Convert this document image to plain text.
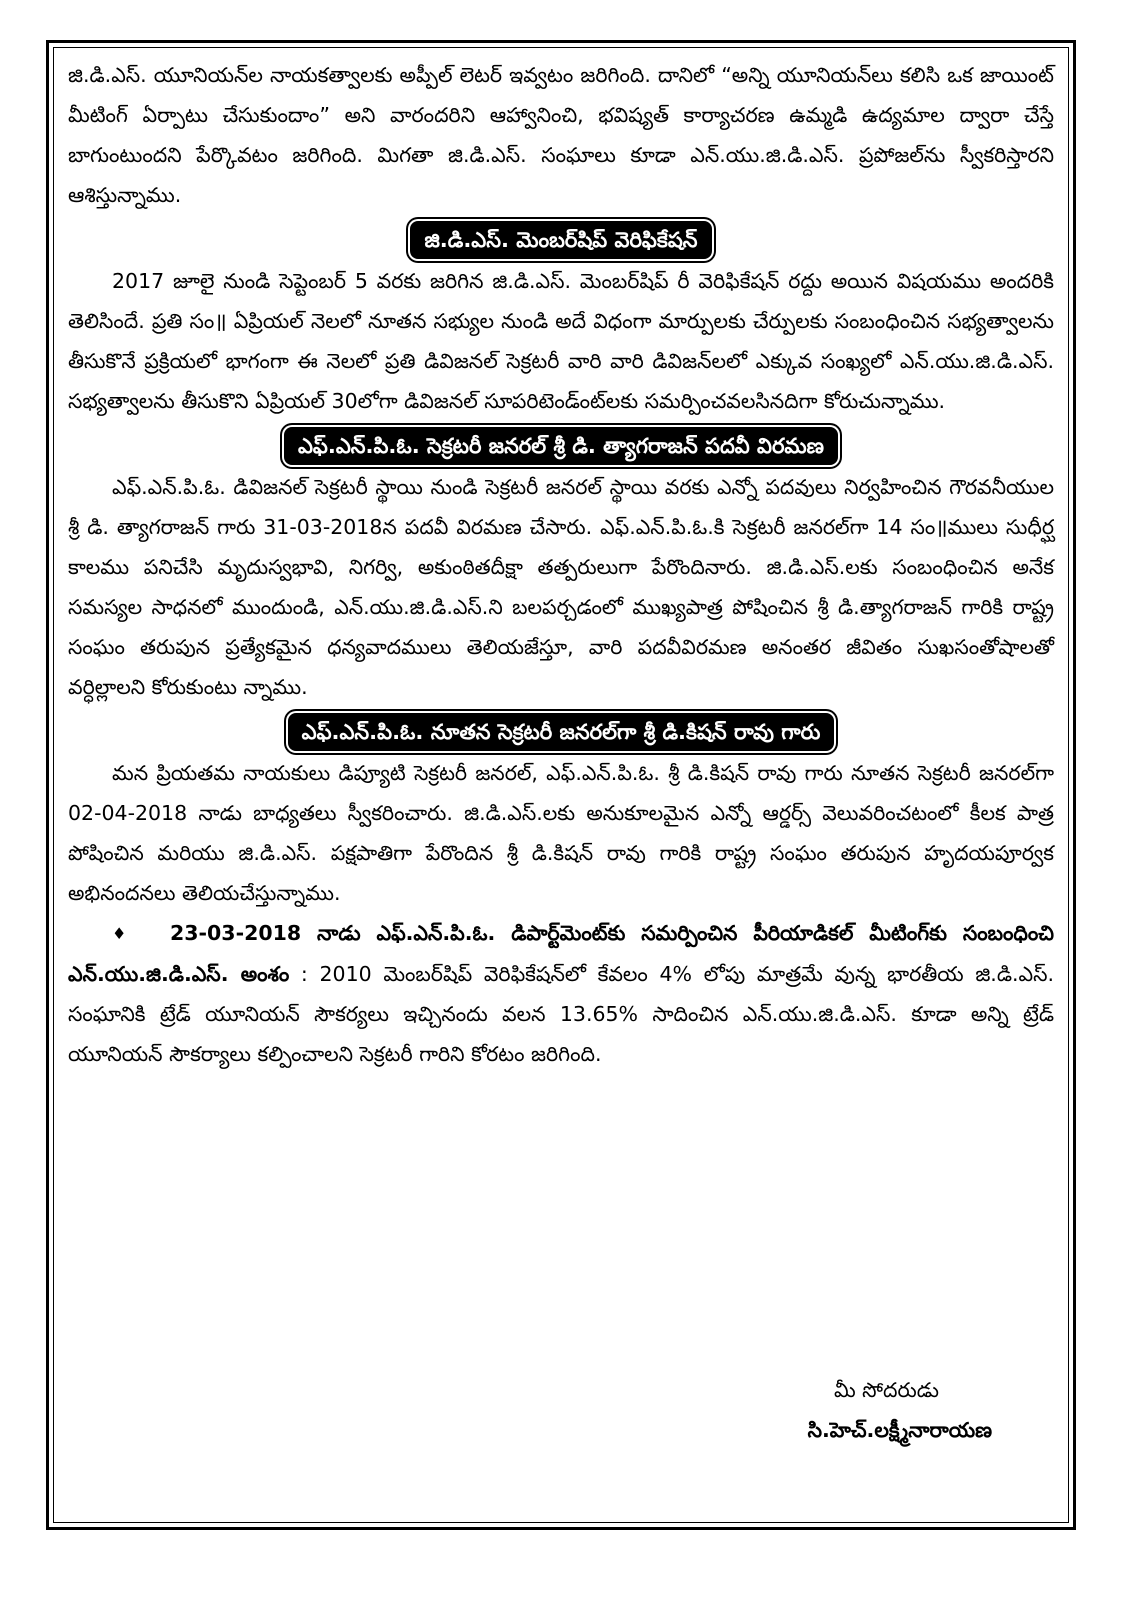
జి.డి.ఎస్. యూనియన్‌ల నాయకత్వాలకు అప్పీల్ లెటర్ ఇవ్వటం జరిగింది. దానిలో “అన్ని యూనియన్‌లు కలిసి ఒక జాయింట్ మీటింగ్ ఏర్పాటు చేసుకుందాం” అని వారందరిని ఆహ్వానించి, భవిష్యత్ కార్యాచరణ ఉమ్మడి ఉద్యమాల ద్వారా చేస్తే బాగుంటుందని పేర్కొవటం జరిగింది. మిగతా జి.డి.ఎస్. సంఘాలు కూడా ఎన్.యు.జి.డి.ఎస్. ప్రపోజల్‌ను స్వీకరిస్తారని ఆశిస్తున్నాము.

జి.డి.ఎస్. మెంబర్‌షిప్ వెరిఫికేషన్

2017 జూలై నుండి సెప్టెంబర్ 5 వరకు జరిగిన జి.డి.ఎస్. మెంబర్‌షిప్ రీ వెరిఫికేషన్ రద్దు అయిన విషయము అందరికి తెలిసిందే. ప్రతి సం॥ ఏప్రియల్ నెలలో నూతన సభ్యుల నుండి అదే విధంగా మార్పులకు చేర్పులకు సంబంధించిన సభ్యత్వాలను తీసుకొనే ప్రక్రియలో భాగంగా ఈ నెలలో ప్రతి డివిజనల్ సెక్రటరీ వారి వారి డివిజన్‌లలో ఎక్కువ సంఖ్యలో ఎన్.యు.జి.డి.ఎస్. సభ్యత్వాలను తీసుకొని ఏప్రియల్ 30లోగా డివిజనల్ సూపరిటెండ్‌ంట్‌లకు సమర్పించవలసినదిగా కోరుచున్నాము.

ఎఫ్.ఎన్.పి.ఓ. సెక్రటరీ జనరల్ శ్రీ డి. త్యాగరాజన్ పదవీ విరమణ

ఎఫ్.ఎన్.పి.ఓ. డివిజనల్ సెక్రటరీ స్థాయి నుండి సెక్రటరీ జనరల్ స్థాయి వరకు ఎన్నో పదవులు నిర్వహించిన గౌరవనీయుల శ్రీ డి. త్యాగరాజన్ గారు 31-03-2018న పదవీ విరమణ చేసారు. ఎఫ్.ఎన్.పి.ఓ.కి సెక్రటరీ జనరల్‌గా 14 సం॥ములు సుధీర్ఘ కాలము పనిచేసి మృదుస్వభావి, నిగర్వి, అకుంఠితదీక్షా తత్పరులుగా పేరొందినారు. జి.డి.ఎస్.లకు సంబంధించిన అనేక సమస్యల సాధనలో ముందుండి, ఎన్.యు.జి.డి.ఎస్.ని బలపర్చడంలో ముఖ్యపాత్ర పోషించిన శ్రీ డి.త్యాగరాజన్ గారికి రాష్ట్ర సంఘం తరుపున ప్రత్యేకమైన ధన్యవాదములు తెలియజేస్తూ, వారి పదవీవిరమణ అనంతర జీవితం సుఖసంతోషాలతో వర్ధిల్లాలని కోరుకుంటు న్నాము.

ఎఫ్.ఎన్.పి.ఓ. నూతన సెక్రటరీ జనరల్‌గా శ్రీ డి.కిషన్ రావు గారు

మన ప్రియతమ నాయకులు డిప్యూటి సెక్రటరీ జనరల్, ఎఫ్.ఎన్.పి.ఓ. శ్రీ డి.కిషన్ రావు గారు నూతన సెక్రటరీ జనరల్‌గా 02-04-2018 నాడు బాధ్యతలు స్వీకరించారు. జి.డి.ఎస్.లకు అనుకూలమైన ఎన్నో ఆర్డర్స్ వెలువరించటంలో కీలక పాత్ర పోషించిన మరియు జి.డి.ఎస్. పక్షపాతిగా పేరొందిన శ్రీ డి.కిషన్ రావు గారికి రాష్ట్ర సంఘం తరుపున హృదయపూర్వక అభినందనలు తెలియచేస్తున్నాము.

♦ 23-03-2018 నాడు ఎఫ్.ఎన్.పి.ఓ. డిపార్ట్‌మెంట్‌కు సమర్పించిన పీరియాడికల్ మీటింగ్‌కు సంబంధించి ఎన్.యు.జి.డి.ఎస్. అంశం : 2010 మెంబర్‌షిప్ వెరిఫికేషన్‌లో కేవలం 4% లోపు మాత్రమే వున్న భారతీయ జి.డి.ఎస్. సంఘానికి ట్రేడ్ యూనియన్ సౌకర్యలు ఇచ్చినందు వలన 13.65% సాదించిన ఎన్.యు.జి.డి.ఎస్. కూడా అన్ని ట్రేడ్ యూనియన్ సౌకర్యాలు కల్పించాలని సెక్రటరీ గారిని కోరటం జరిగింది.

మీ సోదరుడు
సి.హెచ్.లక్ష్మీనారాయణ
